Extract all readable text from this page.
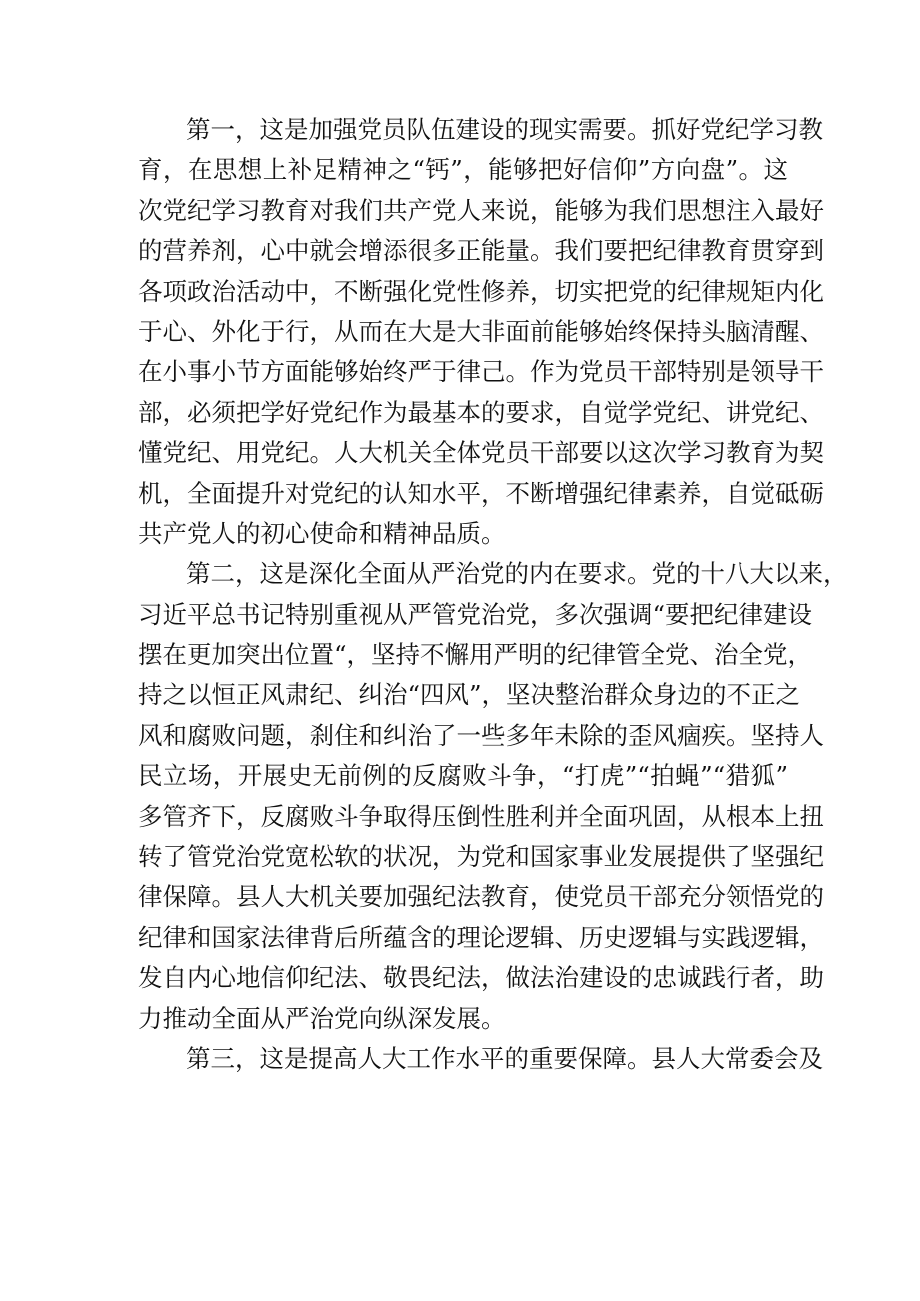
第一，这是加强党员队伍建设的现实需要。抓好党纪学习教
育，在思想上补足精神之“钙”，能够把好信仰”方向盘”。这
次党纪学习教育对我们共产党人来说，能够为我们思想注入最好
的营养剂，心中就会增添很多正能量。我们要把纪律教育贯穿到
各项政治活动中，不断强化党性修养，切实把党的纪律规矩内化
于心、外化于行，从而在大是大非面前能够始终保持头脑清醒、
在小事小节方面能够始终严于律己。作为党员干部特别是领导干
部，必须把学好党纪作为最基本的要求，自觉学党纪、讲党纪、
懂党纪、用党纪。人大机关全体党员干部要以这次学习教育为契
机，全面提升对党纪的认知水平，不断增强纪律素养，自觉砥砺
共产党人的初心使命和精神品质。
第二，这是深化全面从严治党的内在要求。党的十八大以来，
习近平总书记特别重视从严管党治党，多次强调“要把纪律建设
摆在更加突出位置“，坚持不懈用严明的纪律管全党、治全党，
持之以恒正风肃纪、纠治“四风”，坚决整治群众身边的不正之
风和腐败问题，刹住和纠治了一些多年未除的歪风痼疾。坚持人
民立场，开展史无前例的反腐败斗争，“打虎”“拍蝇”“猎狐”
多管齐下，反腐败斗争取得压倒性胜利并全面巩固，从根本上扭
转了管党治党宽松软的状况，为党和国家事业发展提供了坚强纪
律保障。县人大机关要加强纪法教育，使党员干部充分领悟党的
纪律和国家法律背后所蕴含的理论逻辑、历史逻辑与实践逻辑，
发自内心地信仰纪法、敬畏纪法，做法治建设的忠诚践行者，助
力推动全面从严治党向纵深发展。
第三，这是提高人大工作水平的重要保障。县人大常委会及
